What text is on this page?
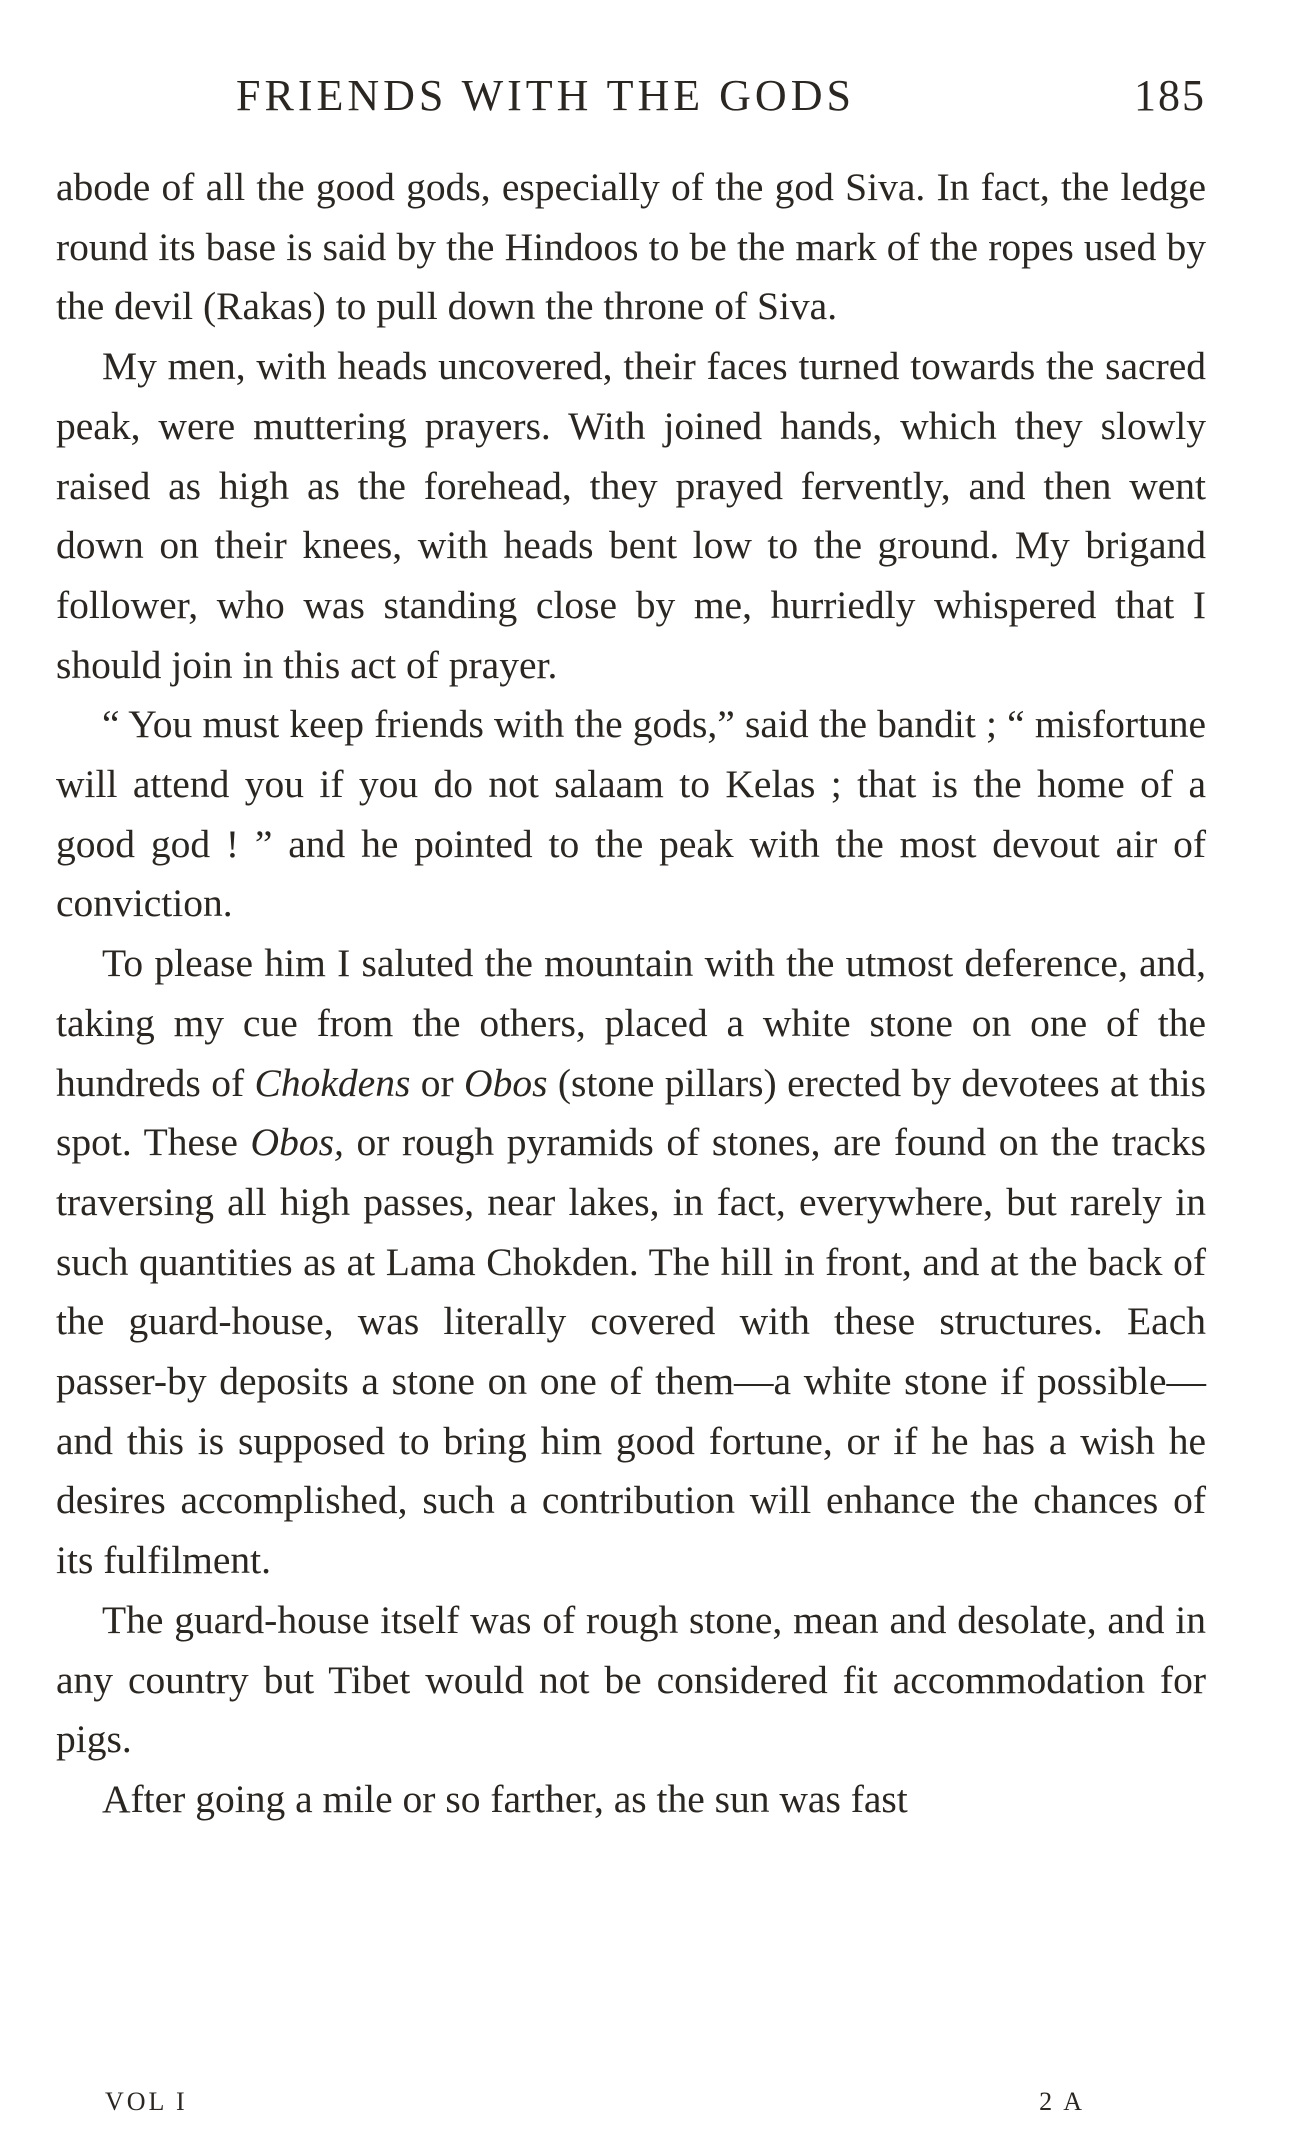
FRIENDS WITH THE GODS	185

abode of all the good gods, especially of the god Siva. In fact, the ledge round its base is said by the Hindoos to be the mark of the ropes used by the devil (Rakas) to pull down the throne of Siva.

My men, with heads uncovered, their faces turned towards the sacred peak, were muttering prayers. With joined hands, which they slowly raised as high as the forehead, they prayed fervently, and then went down on their knees, with heads bent low to the ground. My brigand follower, who was standing close by me, hurriedly whispered that I should join in this act of prayer.

“ You must keep friends with the gods,” said the bandit ; “ misfortune will attend you if you do not salaam to Kelas ; that is the home of a good god ! ” and he pointed to the peak with the most devout air of conviction.

To please him I saluted the mountain with the utmost deference, and, taking my cue from the others, placed a white stone on one of the hundreds of Chokdens or Obos (stone pillars) erected by devotees at this spot. These Obos, or rough pyramids of stones, are found on the tracks traversing all high passes, near lakes, in fact, everywhere, but rarely in such quantities as at Lama Chokden. The hill in front, and at the back of the guard-house, was literally covered with these structures. Each passer-by deposits a stone on one of them—a white stone if possible—and this is supposed to bring him good fortune, or if he has a wish he desires accomplished, such a contribution will enhance the chances of its fulfilment.

The guard-house itself was of rough stone, mean and desolate, and in any country but Tibet would not be considered fit accommodation for pigs.

After going a mile or so farther, as the sun was fast

VOL I	2 A
